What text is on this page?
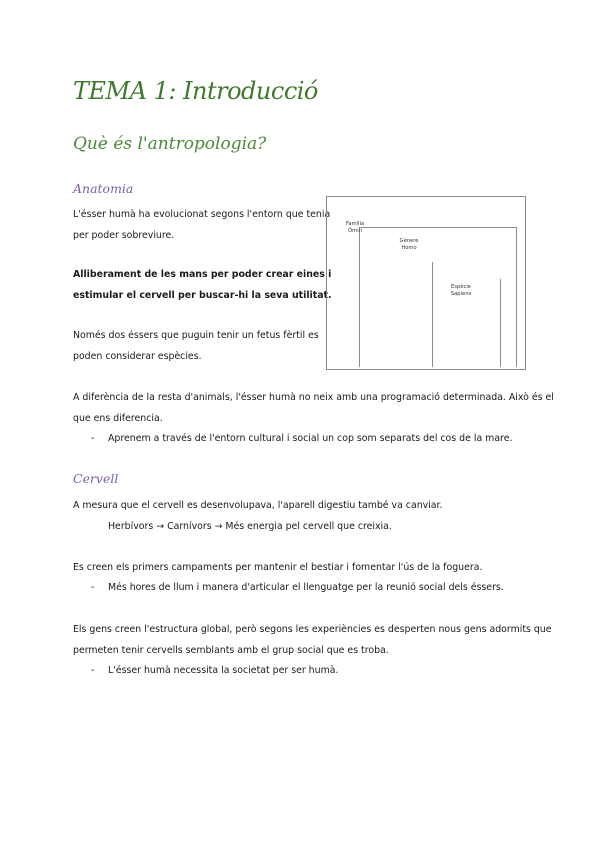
TEMA 1: Introducció
Què és l'antropologia?
Anatomia
L'ésser humà ha evolucionat segons l'entorn que tenia
per poder sobreviure.
Alliberament de les mans per poder crear eines i
estimular el cervell per buscar-hi la seva utilitat.
Només dos éssers que puguin tenir un fetus fèrtil es
poden considerar espècies.
Família
Òmin
Gènere
Homo
Espècie
Sapiens
A diferència de la resta d'animals, l'ésser humà no neix amb una programació determinada. Això és el
que ens diferencia.
- Aprenem a través de l'entorn cultural i social un cop som separats del cos de la mare.
Cervell
A mesura que el cervell es desenvolupava, l'aparell digestiu també va canviar.
Herbívors → Carnívors → Més energia pel cervell que creixia.
Es creen els primers campaments per mantenir el bestiar i fomentar l'ús de la foguera.
- Més hores de llum i manera d'articular el llenguatge per la reunió social dels éssers.
Els gens creen l'estructura global, però segons les experiències es desperten nous gens adormits que
permeten tenir cervells semblants amb el grup social que es troba.
- L'ésser humà necessita la societat per ser humà.
